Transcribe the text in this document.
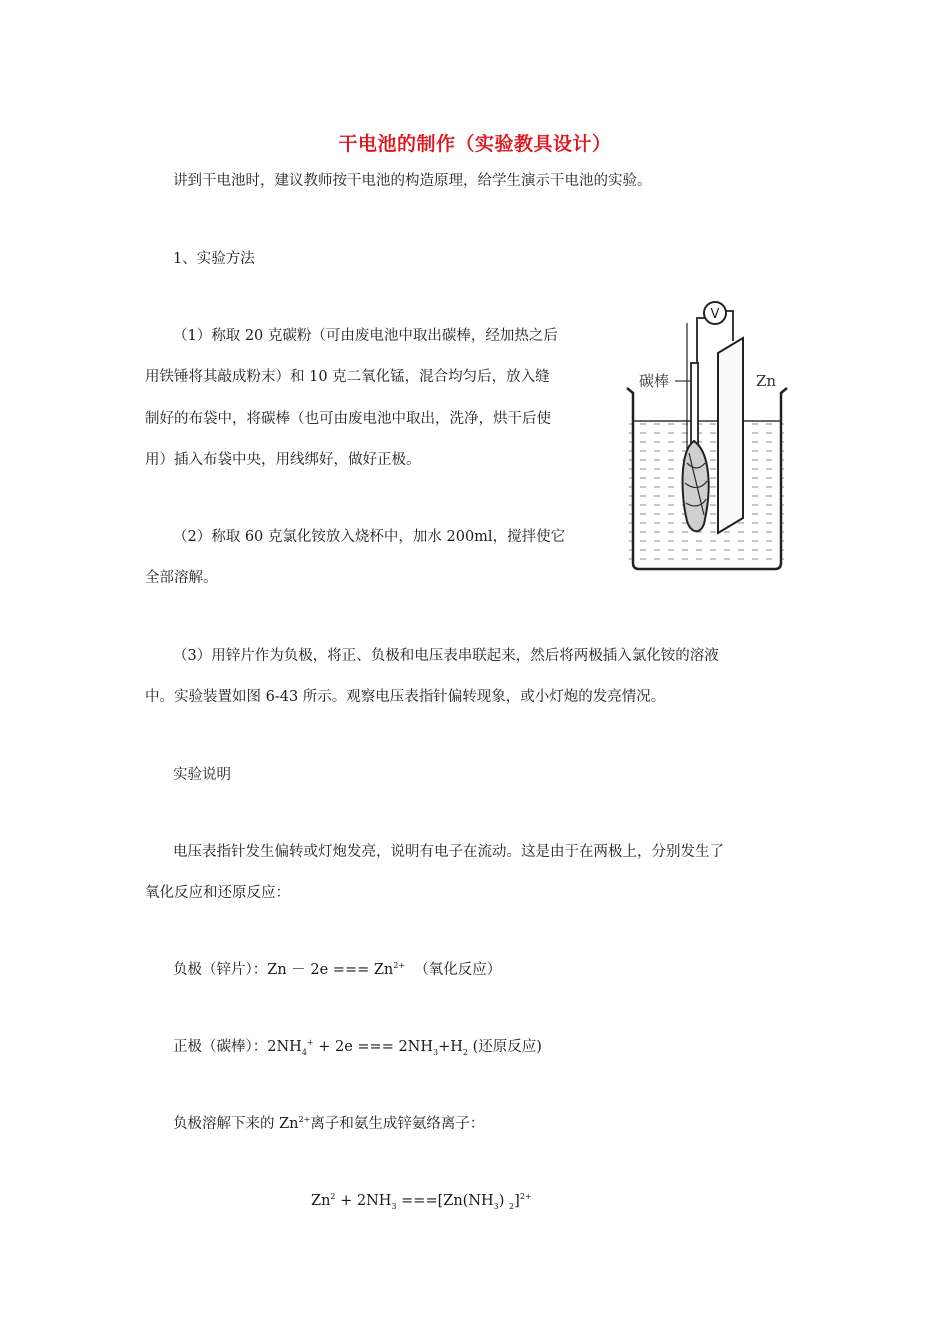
干电池的制作（实验教具设计）
讲到干电池时，建议教师按干电池的构造原理，给学生演示干电池的实验。
1、实验方法
（1）称取 20 克碳粉（可由废电池中取出碳棒，经加热之后
用铁锤将其敲成粉末）和 10 克二氧化锰，混合均匀后，放入缝
制好的布袋中，将碳棒（也可由废电池中取出，洗净，烘干后使
用）插入布袋中央，用线绑好，做好正极。
（2）称取 60 克氯化铵放入烧杯中，加水 200ml，搅拌使它
全部溶解。
（3）用锌片作为负极，将正、负极和电压表串联起来，然后将两极插入氯化铵的溶液
中。实验装置如图 6-43 所示。观察电压表指针偏转现象，或小灯炮的发亮情况。
实验说明
电压表指针发生偏转或灯炮发亮，说明有电子在流动。这是由于在两极上，分别发生了
氧化反应和还原反应：
负极（锌片）：Zn － 2e === $Zn^{2+}$  （氧化反应）
正极（碳棒）：$2NH_4^+ + 2e$ === $2NH_3+H_2$ (还原反应)
负极溶解下来的 $Zn^{2+}$离子和氨生成锌氨络离子：
$Zn^2 + 2NH_3 ===[Zn(NH_3)$ $_2$]$^{2+}$
V
碳棒	Zn
